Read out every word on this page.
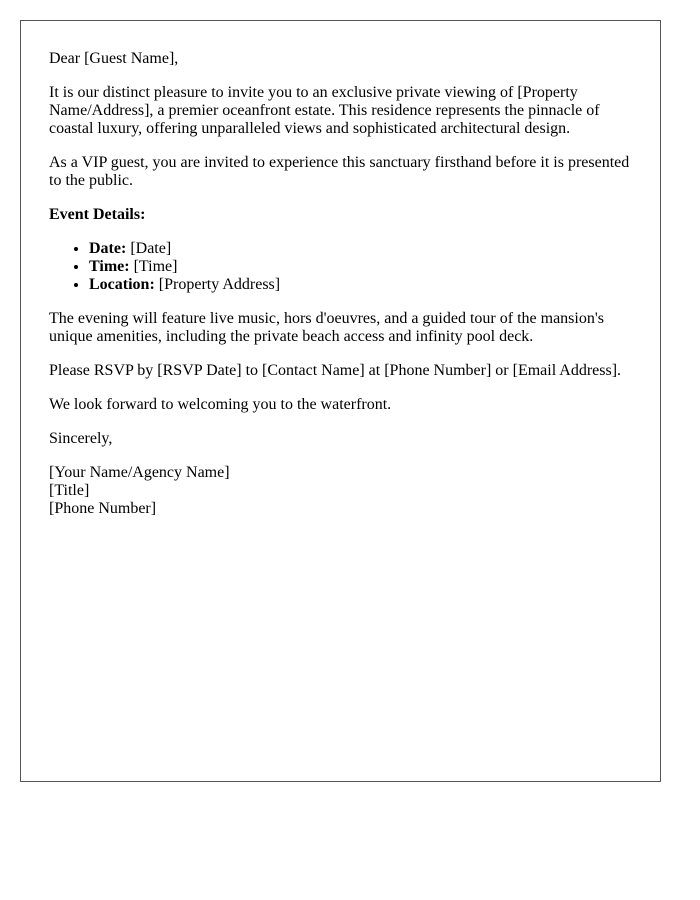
Dear [Guest Name],

It is our distinct pleasure to invite you to an exclusive private viewing of [Property Name/Address], a premier oceanfront estate. This residence represents the pinnacle of coastal luxury, offering unparalleled views and sophisticated architectural design.

As a VIP guest, you are invited to experience this sanctuary firsthand before it is presented to the public.

Event Details:

• Date: [Date]
• Time: [Time]
• Location: [Property Address]

The evening will feature live music, hors d'oeuvres, and a guided tour of the mansion's unique amenities, including the private beach access and infinity pool deck.

Please RSVP by [RSVP Date] to [Contact Name] at [Phone Number] or [Email Address].

We look forward to welcoming you to the waterfront.

Sincerely,

[Your Name/Agency Name]

[Title]

[Phone Number]
